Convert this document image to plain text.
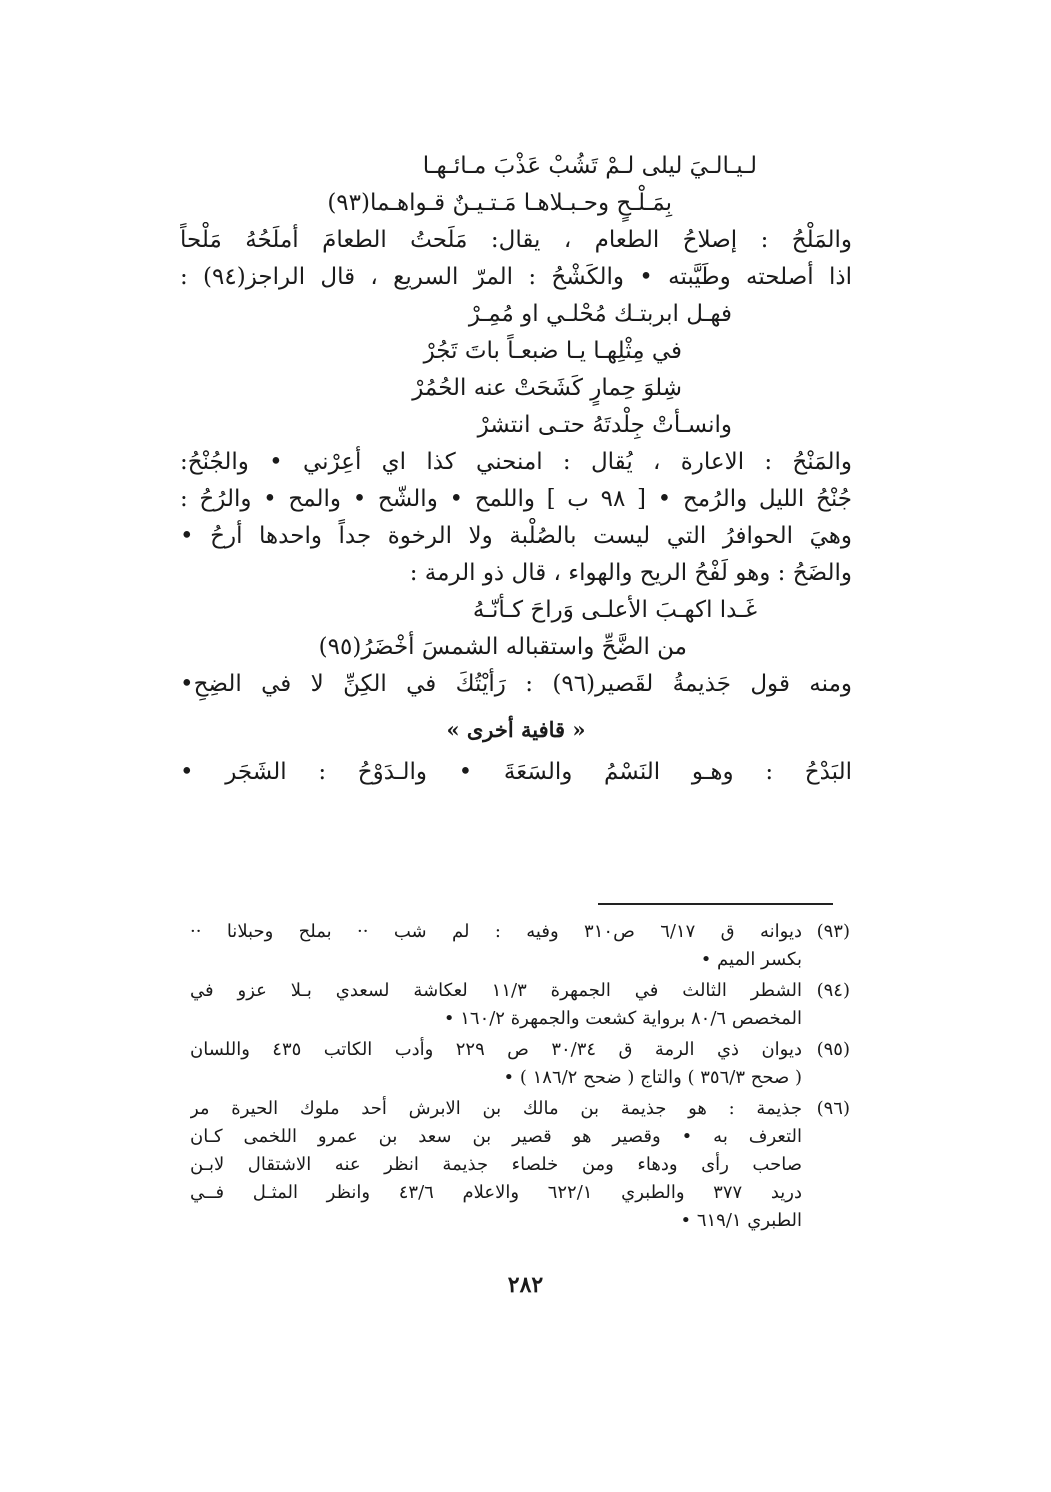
لـيـالـيَ ليلى لـمْ تَشُبْ عَذْبَ مـائـهـا
بِمَـلْـحٍ وحـبـلاهـا مَـتـيـنٌ قـواهـما(٩٣)
والمَلْحُ : إصلاحُ الطعام ، يقال: مَلَحتُ الطعامَ أملَحُهُ مَلْحاً
اذا أصلحته وطَيَّبته • والكَشْحُ : المرّ السريع ، قال الراجز(٩٤) :
فهـل ابربتـك مُحْلـي او مُمِـرْ
في مِثْلِهـا يـا ضبعـاً باتَ تَجُرْ
شِلوَ حِمارٍ كَشَحَتْ عنه الحُمُرْ
وانسـأتْ جِلْدتَهُ حتـى انتشرْ
والمَنْحُ : الاعارة ، يُقال : امنحني كذا اي أعِرْني • والجُنْحُ:
جُنْحُ الليل والرُمح • [ ٩٨ ب ] واللمح • والشّح • والمح • والرُحُ :
وهيَ الحوافرُ التي ليست بالصُلْبة ولا الرخوة جداً واحدها أرحُ •
والضَحُ : وهو لَفْحُ الريح والهواء ، قال ذو الرمة :
غَـدا اكهـبَ الأعلـى وَراحَ كـأنّـهُ
من الضَّحِّ واستقباله الشمسَ أخْضَرُ(٩٥)
ومنه قول جَذيمةُ لقَصير(٩٦) : رَأيْتُكَ في الكِنِّ لا في الضِحِ•
« قافية أخرى »
البَدْحُ : وهـو النَسْمُ والسَعَةَ • والـدَوْحُ : الشَجَر •
(٩٣)
ديوانه ق ٦/١٧ ص٣١٠ وفيه : لم شب ·· بملح وحبلانا ··
بكسر الميم •
(٩٤)
الشطر الثالث في الجمهرة ١١/٣ لعكاشة لسعدي بـلا عزو في
المخصص ٨٠/٦ برواية كشعت والجمهرة ١٦٠/٢ •
(٩٥)
ديوان ذي الرمة ق ٣٠/٣٤ ص ٢٢٩ وأدب الكاتب ٤٣٥ واللسان
( صحح ٣٥٦/٣ ) والتاج ( ضحح ١٨٦/٢ ) •
(٩٦)
جذيمة : هو جذيمة بن مالك بن الابرش أحد ملوك الحيرة مر
التعرف به • وقصير هو قصير بن سعد بن عمرو اللخمى كـان
صاحب رأى ودهاء ومن خلصاء جذيمة انظر عنه الاشتقال لابـن
دريد ٣٧٧ والطبري ٦٢٢/١ والاعلام ٤٣/٦ وانظر المثـل فــي
الطبري ٦١٩/١ •
٢٨٢
